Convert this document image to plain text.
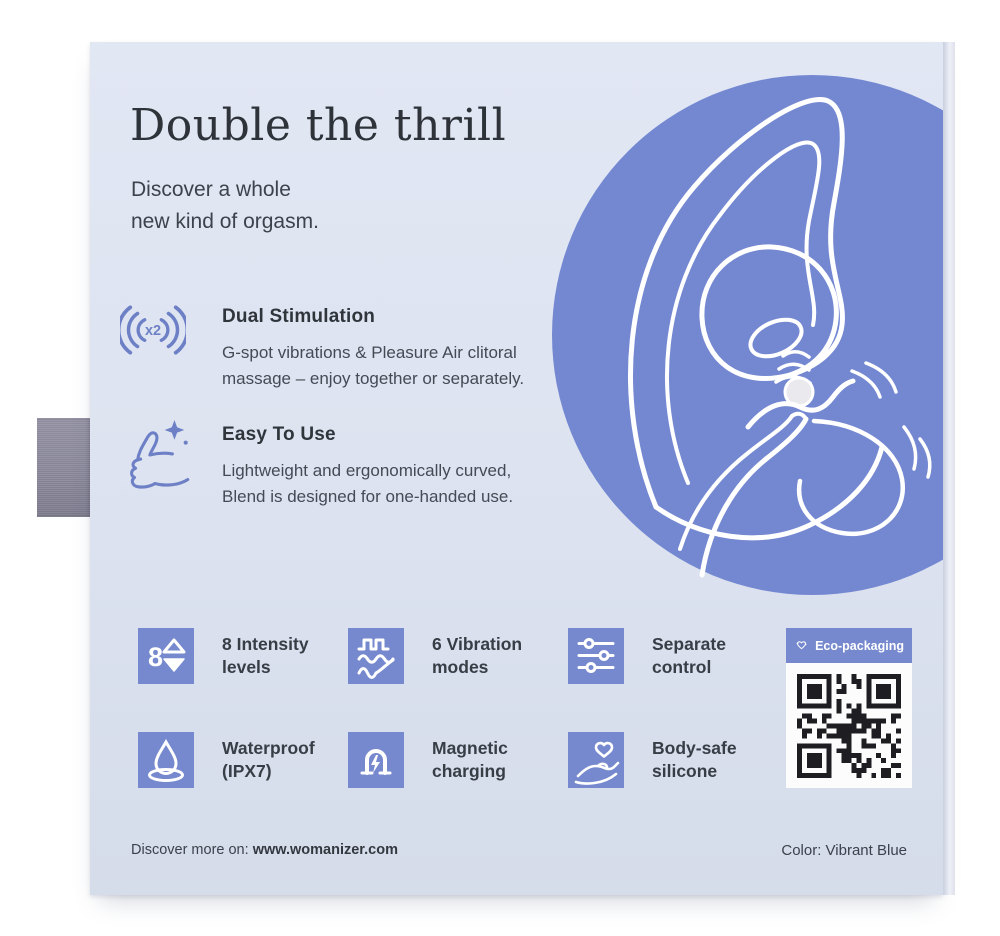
Double the thrill
Discover a whole
new kind of orgasm.
x2
Dual Stimulation
G-spot vibrations & Pleasure Air clitoral
massage – enjoy together or separately.
Easy To Use
Lightweight and ergonomically curved,
Blend is designed for one-handed use.
8	8 Intensity
levels
6 Vibration
modes
Separate
control
Waterproof
(IPX7)
Magnetic
charging
Body-safe
silicone
Eco-packaging
Discover more on: www.womanizer.com	Color: Vibrant Blue
